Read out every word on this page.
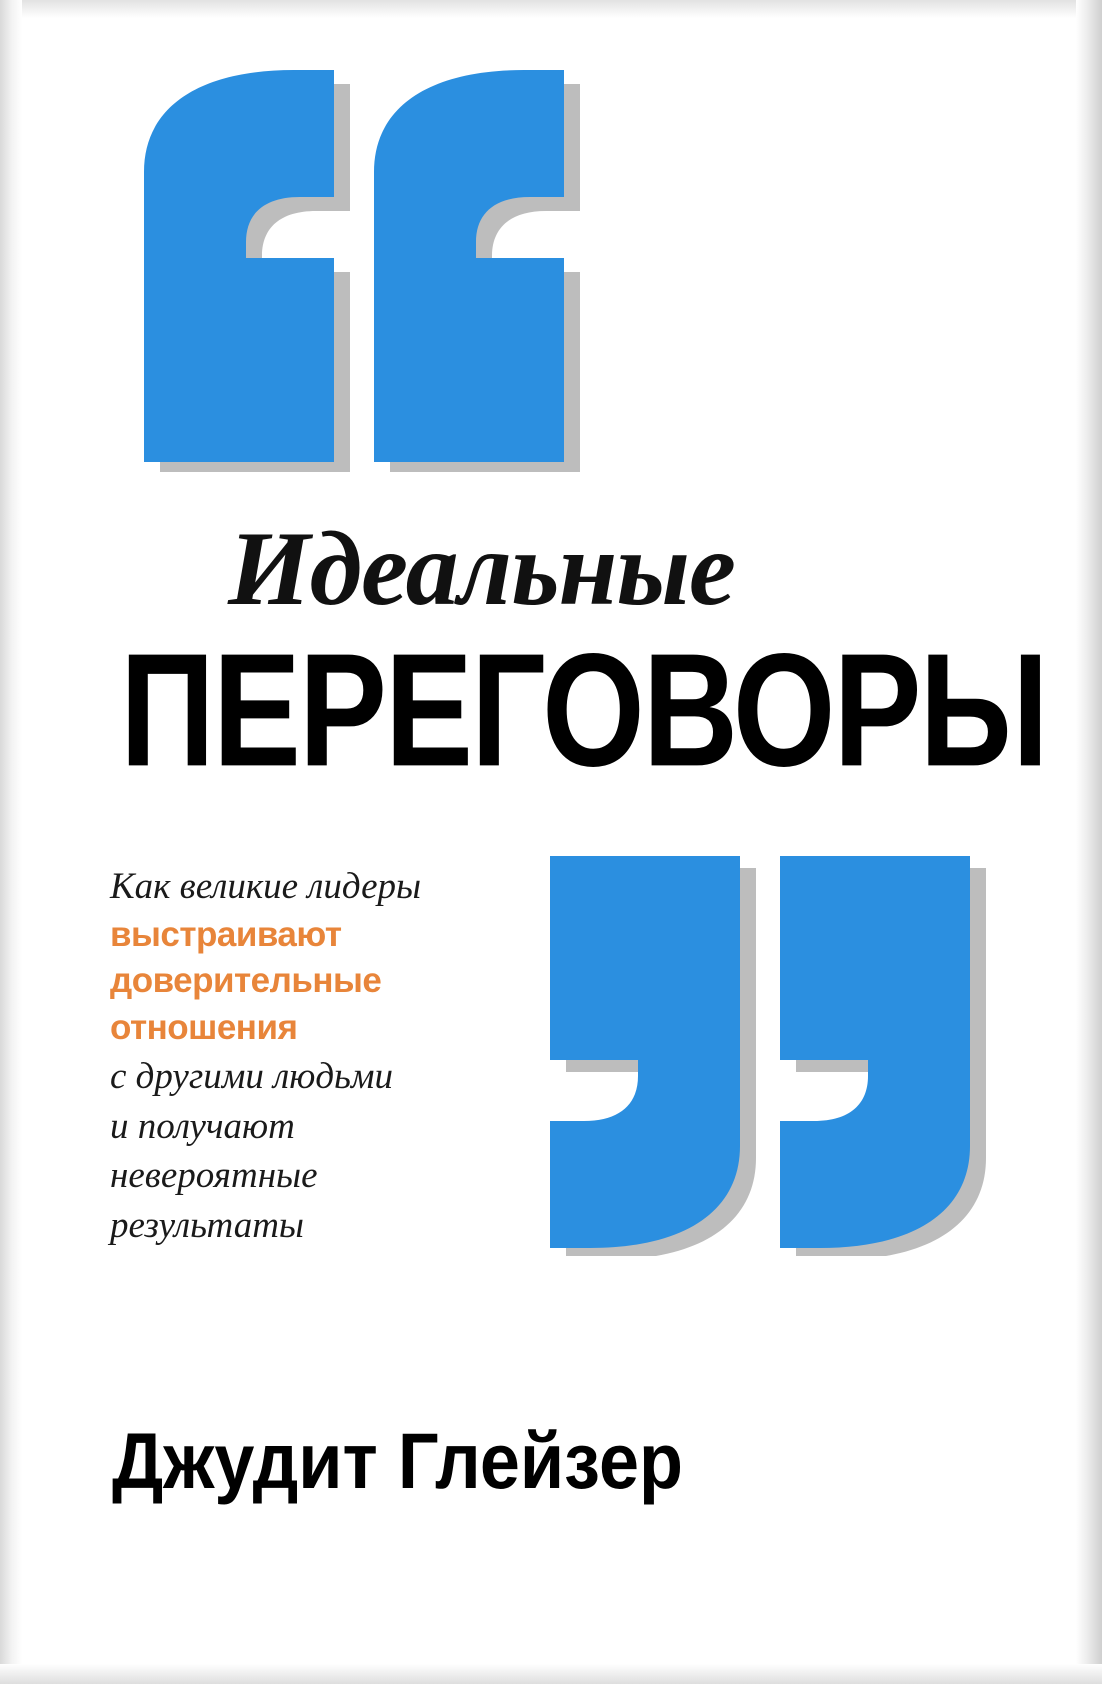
Идеальные
ПЕРЕГОВОРЫ
Как великие лидеры
выстраивают
доверительные
отношения
с другими людьми
и получают
невероятные
результаты
Джудит Глейзер
